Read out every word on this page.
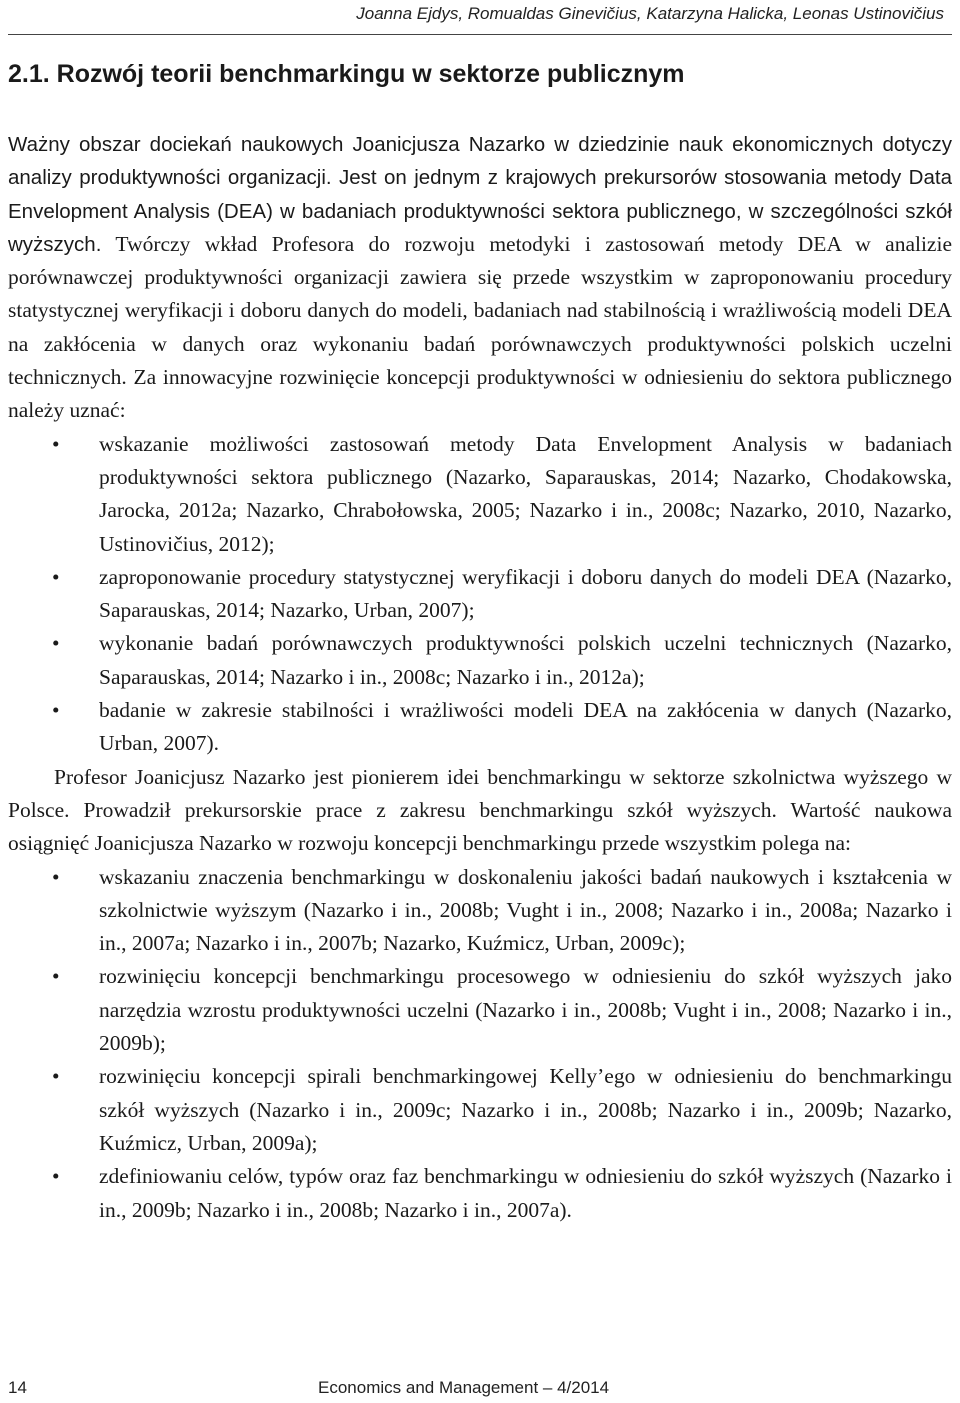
Joanna Ejdys, Romualdas Ginevičius, Katarzyna Halicka, Leonas Ustinovičius
2.1. Rozwój teorii benchmarkingu w sektorze publicznym

Ważny obszar dociekań naukowych Joanicjusza Nazarko w dziedzinie nauk ekonomicznych dotyczy analizy produktywności organizacji. Jest on jednym z krajowych prekursorów stosowania metody Data Envelopment Analysis (DEA) w badaniach produktywności sektora publicznego, w szczególności szkół wyższych. Twórczy wkład Profesora do rozwoju metodyki i zastosowań metody DEA w analizie porównawczej produktywności organizacji zawiera się przede wszystkim w zaproponowaniu procedury statystycznej weryfikacji i doboru danych do modeli, badaniach nad stabilnością i wrażliwością modeli DEA na zakłócenia w danych oraz wykonaniu badań porównawczych produktywności polskich uczelni technicznych. Za innowacyjne rozwinięcie koncepcji produktywności w odniesieniu do sektora publicznego należy uznać:

• wskazanie możliwości zastosowań metody Data Envelopment Analysis w badaniach produktywności sektora publicznego (Nazarko, Saparauskas, 2014; Nazarko, Chodakowska, Jarocka, 2012a; Nazarko, Chrabołowska, 2005; Nazarko i in., 2008c; Nazarko, 2010, Nazarko, Ustinovičius, 2012);
• zaproponowanie procedury statystycznej weryfikacji i doboru danych do modeli DEA (Nazarko, Saparauskas, 2014; Nazarko, Urban, 2007);
• wykonanie badań porównawczych produktywności polskich uczelni technicznych (Nazarko, Saparauskas, 2014; Nazarko i in., 2008c; Nazarko i in., 2012a);
• badanie w zakresie stabilności i wrażliwości modeli DEA na zakłócenia w danych (Nazarko, Urban, 2007).

Profesor Joanicjusz Nazarko jest pionierem idei benchmarkingu w sektorze szkolnictwa wyższego w Polsce. Prowadził prekursorskie prace z zakresu benchmarkingu szkół wyższych. Wartość naukowa osiągnięć Joanicjusza Nazarko w rozwoju koncepcji benchmarkingu przede wszystkim polega na:

• wskazaniu znaczenia benchmarkingu w doskonaleniu jakości badań naukowych i kształcenia w szkolnictwie wyższym (Nazarko i in., 2008b; Vught i in., 2008; Nazarko i in., 2008a; Nazarko i in., 2007a; Nazarko i in., 2007b; Nazarko, Kuźmicz, Urban, 2009c);
• rozwinięciu koncepcji benchmarkingu procesowego w odniesieniu do szkół wyższych jako narzędzia wzrostu produktywności uczelni (Nazarko i in., 2008b; Vught i in., 2008; Nazarko i in., 2009b);
• rozwinięciu koncepcji spirali benchmarkingowej Kelly’ego w odniesieniu do benchmarkingu szkół wyższych (Nazarko i in., 2009c; Nazarko i in., 2008b; Nazarko i in., 2009b; Nazarko, Kuźmicz, Urban, 2009a);
• zdefiniowaniu celów, typów oraz faz benchmarkingu w odniesieniu do szkół wyższych (Nazarko i in., 2009b; Nazarko i in., 2008b; Nazarko i in., 2007a).
14	Economics and Management – 4/2014
